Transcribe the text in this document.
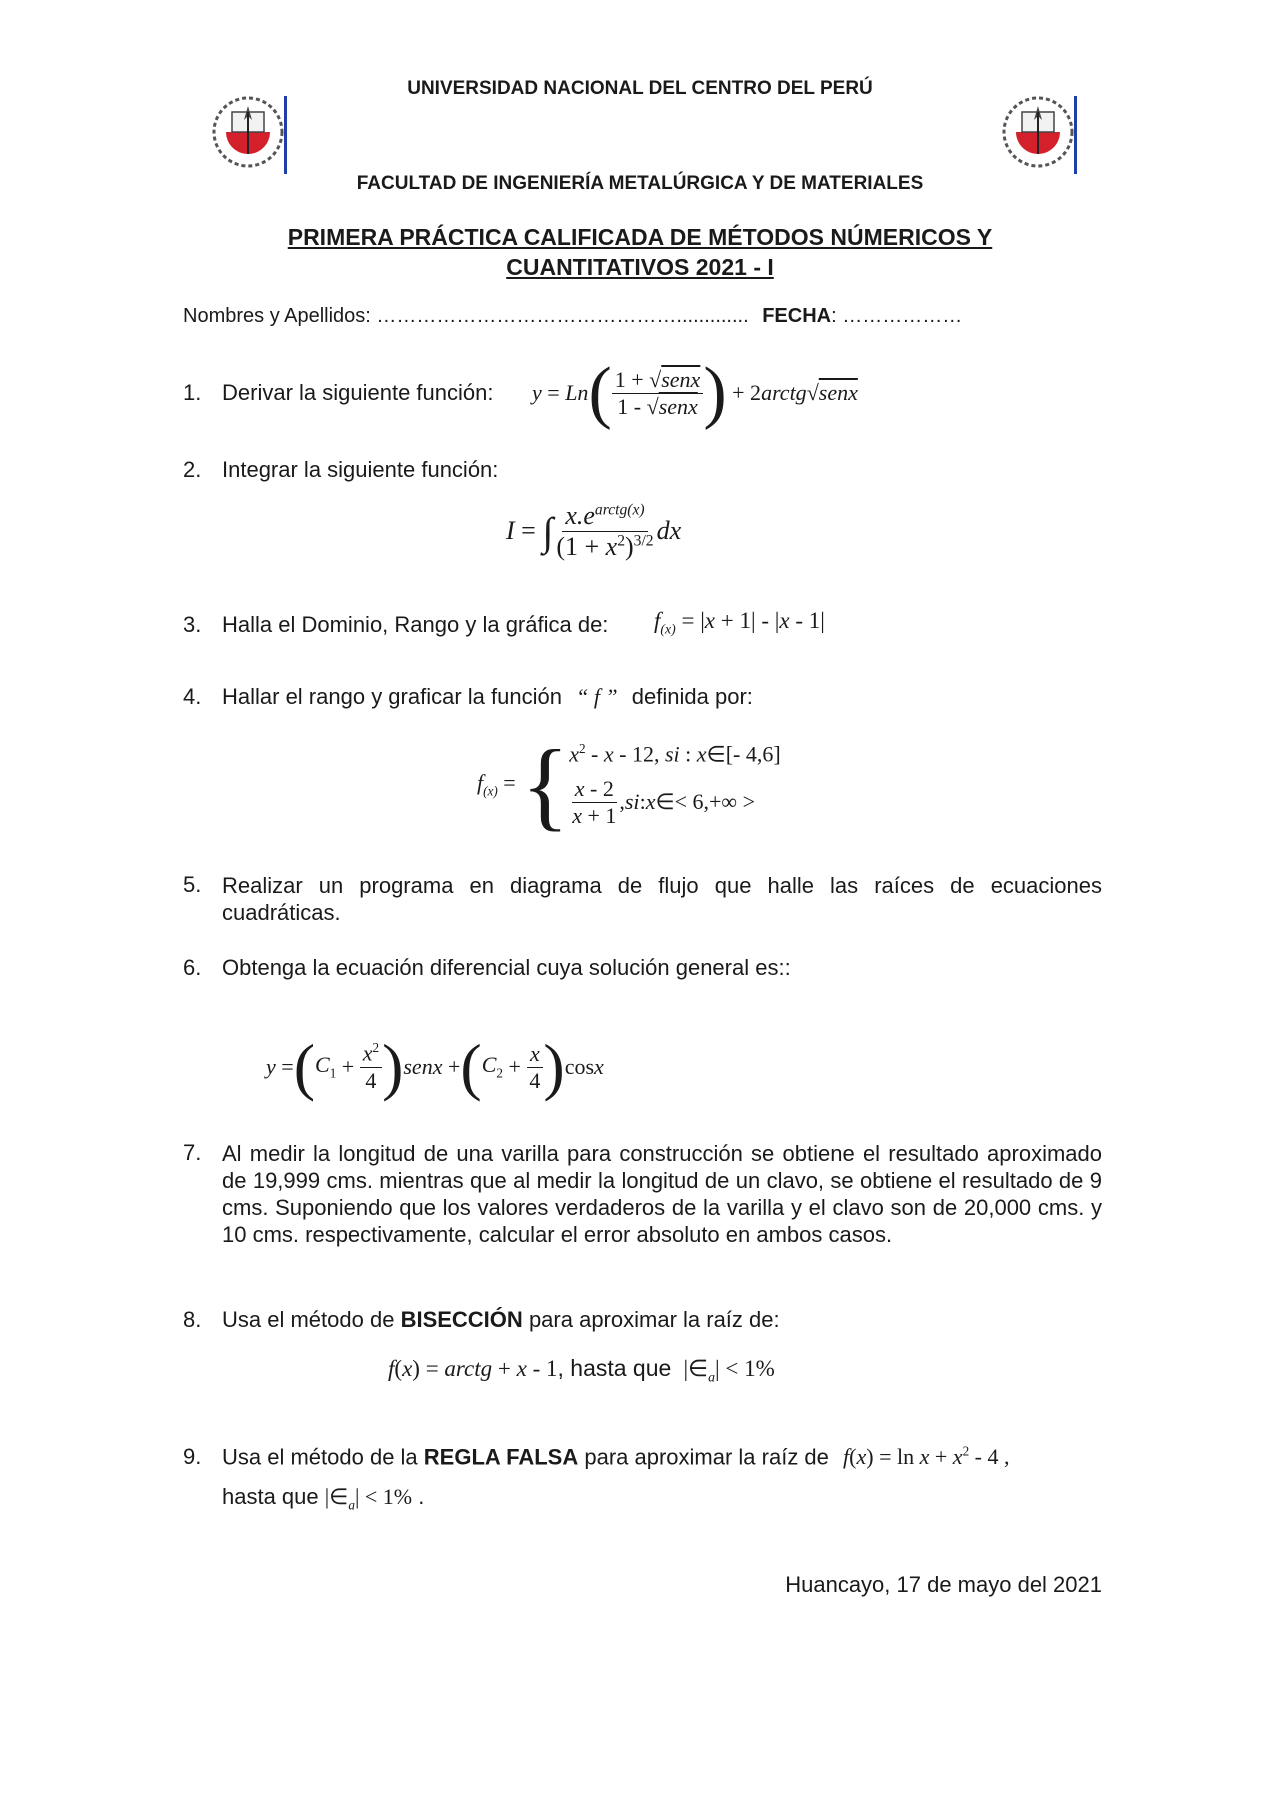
UNIVERSIDAD NACIONAL DEL CENTRO DEL PERÚ
FACULTAD DE INGENIERÍA METALÚRGICA Y DE MATERIALES
PRIMERA PRÁCTICA CALIFICADA DE MÉTODOS NÚMERICOS Y
CUANTITATIVOS 2021 - I
Nombres y Apellidos: ………………………………………............. FECHA: ………………
1. Derivar la siguiente función: y = Ln ( $\frac{\text{1 + √senx}}{\text{1 - √senx}}$ ) + 2 arctg √ senx
2. Integrar la siguiente función:
I = ∫ $\frac{x.e^{arctg(x)}}{(1 + x^2)^{3/2}}$ dx
3. Halla el Dominio, Rango y la gráfica de: $f_{(x)} = |x + 1| - |x - 1|$
4. Hallar el rango y graficar la función “ f ” definida por:
$f_{(x)}$ = { $x^2$ - x - 12, si : x∈[- 4,6]
$\frac{x - 2}{x + 1}$ , si : x ∈< 6,+∞ >
5. Realizar un programa en diagrama de flujo que halle las raíces de ecuaciones cuadráticas.
6. Obtenga la ecuación diferencial cuya solución general es::
y = ( $C_1 + \frac{x^2}{4}$ ) senx + ( $C_2 + \frac{x}{4}$ ) cos x
7. Al medir la longitud de una varilla para construcción se obtiene el resultado aproximado de 19,999 cms. mientras que al medir la longitud de un clavo, se obtiene el resultado de 9 cms. Suponiendo que los valores verdaderos de la varilla y el clavo son de 20,000 cms. y 10 cms. respectivamente, calcular el error absoluto en ambos casos.
8. Usa el método de BISECCIÓN para aproximar la raíz de:
f(x) = arctg + x - 1, hasta que $|\in_a| < 1\%$
9. Usa el método de la REGLA FALSA para aproximar la raíz de $f(x) = \ln x + x^2 - 4$ ,
hasta que $|\in_a| < 1\%$ .
Huancayo, 17 de mayo del 2021
